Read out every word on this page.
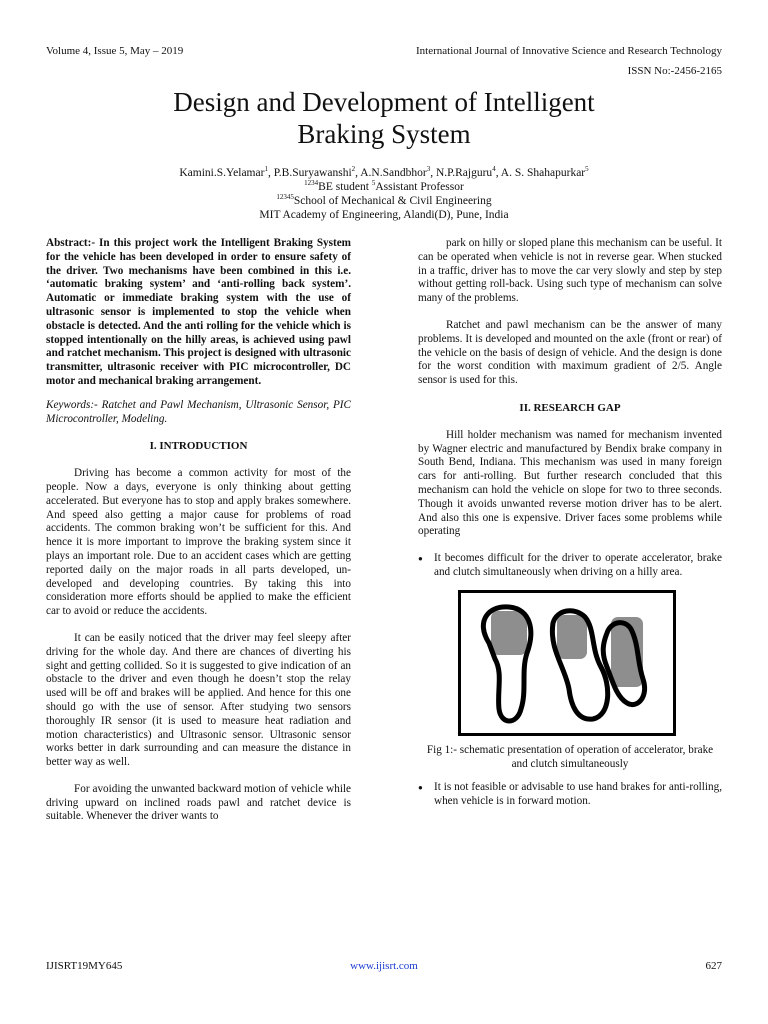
Volume 4, Issue 5, May – 2019	International Journal of Innovative Science and Research Technology
ISSN No:-2456-2165
Design and Development of Intelligent
Braking System
Kamini.S.Yelamar$^1$, P.B.Suryawanshi$^2$, A.N.Sandbhor$^3$, N.P.Rajguru$^4$, A. S. Shahapurkar$^5$
$^{1234}$BE student $^5$Assistant Professor
$^{12345}$School of Mechanical & Civil Engineering
MIT Academy of Engineering, Alandi(D), Pune, India

Abstract:- In this project work the Intelligent Braking System for the vehicle has been developed in order to ensure safety of the driver. Two mechanisms have been combined in this i.e. ‘automatic braking system’ and ‘anti-rolling back system’. Automatic or immediate braking system with the use of ultrasonic sensor is implemented to stop the vehicle when obstacle is detected. And the anti rolling for the vehicle which is stopped intentionally on the hilly areas, is achieved using pawl and ratchet mechanism. This project is designed with ultrasonic transmitter, ultrasonic receiver with PIC microcontroller, DC motor and mechanical braking arrangement.

Keywords:- Ratchet and Pawl Mechanism, Ultrasonic Sensor, PIC Microcontroller, Modeling.

I. INTRODUCTION

Driving has become a common activity for most of the people. Now a days, everyone is only thinking about getting accelerated. But everyone has to stop and apply brakes somewhere. And speed also getting a major cause for problems of road accidents. The common braking won’t be sufficient for this. And hence it is more important to improve the braking system since it plays an important role. Due to an accident cases which are getting reported daily on the major roads in all parts developed, un-developed and developing countries. By taking this into consideration more efforts should be applied to make the efficient car to avoid or reduce the accidents.

It can be easily noticed that the driver may feel sleepy after driving for the whole day. And there are chances of diverting his sight and getting collided. So it is suggested to give indication of an obstacle to the driver and even though he doesn’t stop the relay used will be off and brakes will be applied. And hence for this one should go with the use of sensor. After studying two sensors thoroughly IR sensor (it is used to measure heat radiation and motion characteristics) and Ultrasonic sensor. Ultrasonic sensor works better in dark surrounding and can measure the distance in better way as well.

For avoiding the unwanted backward motion of vehicle while driving upward on inclined roads pawl and ratchet device is suitable. Whenever the driver wants to

park on hilly or sloped plane this mechanism can be useful. It can be operated when vehicle is not in reverse gear. When stucked in a traffic, driver has to move the car very slowly and step by step without getting roll-back. Using such type of mechanism can solve many of the problems.

Ratchet and pawl mechanism can be the answer of many problems. It is developed and mounted on the axle (front or rear) of the vehicle on the basis of design of vehicle. And the design is done for the worst condition with maximum gradient of 2/5. Angle sensor is used for this.

II. RESEARCH GAP

Hill holder mechanism was named for mechanism invented by Wagner electric and manufactured by Bendix brake company in South Bend, Indiana. This mechanism was used in many foreign cars for anti-rolling. But further research concluded that this mechanism can hold the vehicle on slope for two to three seconds. Though it avoids unwanted reverse motion driver has to be alert. And also this one is expensive. Driver faces some problems while operating

● It becomes difficult for the driver to operate accelerator, brake and clutch simultaneously when driving on a hilly area.

Fig 1:- schematic presentation of operation of accelerator, brake and clutch simultaneously

● It is not feasible or advisable to use hand brakes for anti-rolling, when vehicle is in forward motion.
IJISRT19MY645	www.ijisrt.com	627
